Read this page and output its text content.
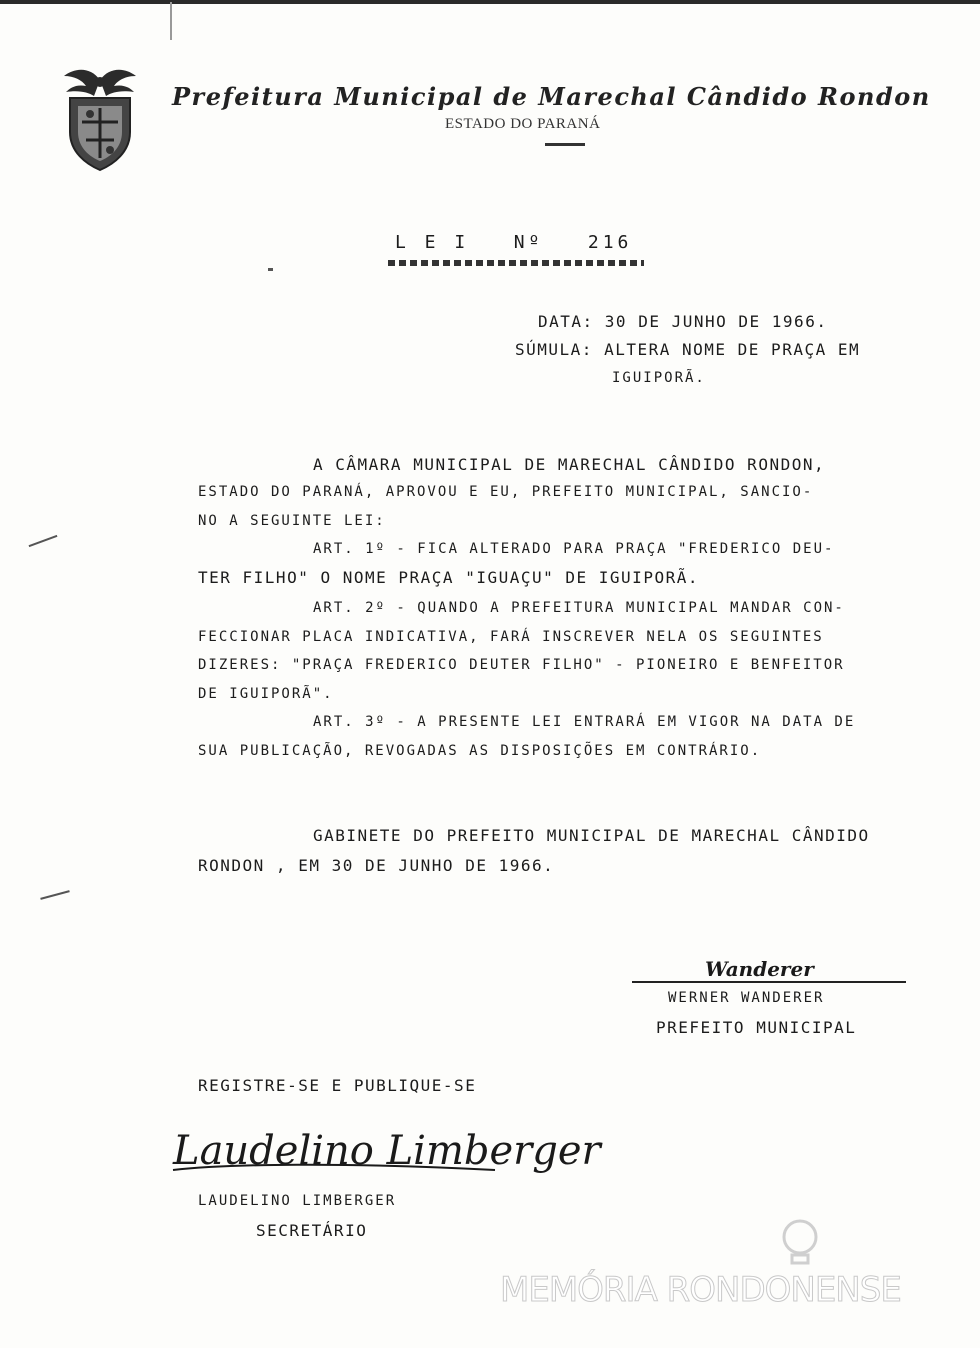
Prefeitura Municipal de Marechal Cândido Rondon
ESTADO DO PARANÁ
L E I   Nº   216
DATA: 30 DE JUNHO DE 1966.
SÚMULA: ALTERA NOME DE PRAÇA EM
IGUIPORÃ.
A CÂMARA MUNICIPAL DE MARECHAL CÂNDIDO RONDON,
ESTADO DO PARANÁ, APROVOU E EU, PREFEITO MUNICIPAL, SANCIO-
NO A SEGUINTE LEI:
ART. 1º - FICA ALTERADO PARA PRAÇA "FREDERICO DEU-
TER FILHO" O NOME PRAÇA "IGUAÇU" DE IGUIPORÃ.
ART. 2º - QUANDO A PREFEITURA MUNICIPAL MANDAR CON-
FECCIONAR PLACA INDICATIVA, FARÁ INSCREVER NELA OS SEGUINTES
DIZERES: "PRAÇA FREDERICO DEUTER FILHO" - PIONEIRO E BENFEITOR
DE IGUIPORÃ".
ART. 3º - A PRESENTE LEI ENTRARÁ EM VIGOR NA DATA DE
SUA PUBLICAÇÃO, REVOGADAS AS DISPOSIÇÕES EM CONTRÁRIO.
GABINETE DO PREFEITO MUNICIPAL DE MARECHAL CÂNDIDO
RONDON , EM 30 DE JUNHO DE 1966.
Wanderer
WERNER WANDERER
PREFEITO MUNICIPAL
REGISTRE-SE E PUBLIQUE-SE
Laudelino Limberger
LAUDELINO LIMBERGER
SECRETÁRIO
MEMÓRIA RONDONENSE
